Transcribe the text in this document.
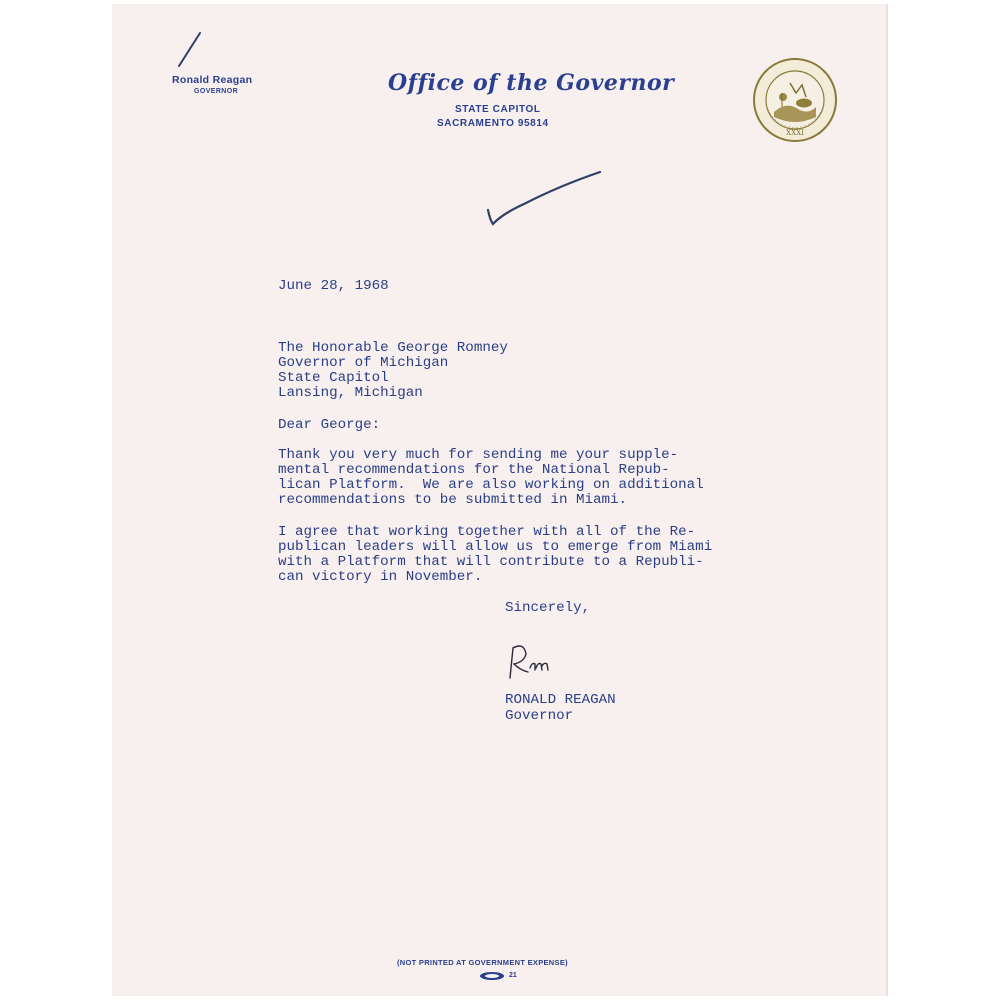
Ronald Reagan
GOVERNOR	Office of the Governor
STATE CAPITOL
SACRAMENTO 95814
XXXI
June 28, 1968
The Honorable George Romney
Governor of Michigan
State Capitol
Lansing, Michigan
Dear George:
Thank you very much for sending me your supple-
mental recommendations for the National Repub-
lican Platform.  We are also working on additional
recommendations to be submitted in Miami.
I agree that working together with all of the Re-
publican leaders will allow us to emerge from Miami
with a Platform that will contribute to a Republi-
can victory in November.
Sincerely,
RONALD REAGAN
Governor
(NOT PRINTED AT GOVERNMENT EXPENSE)
21
